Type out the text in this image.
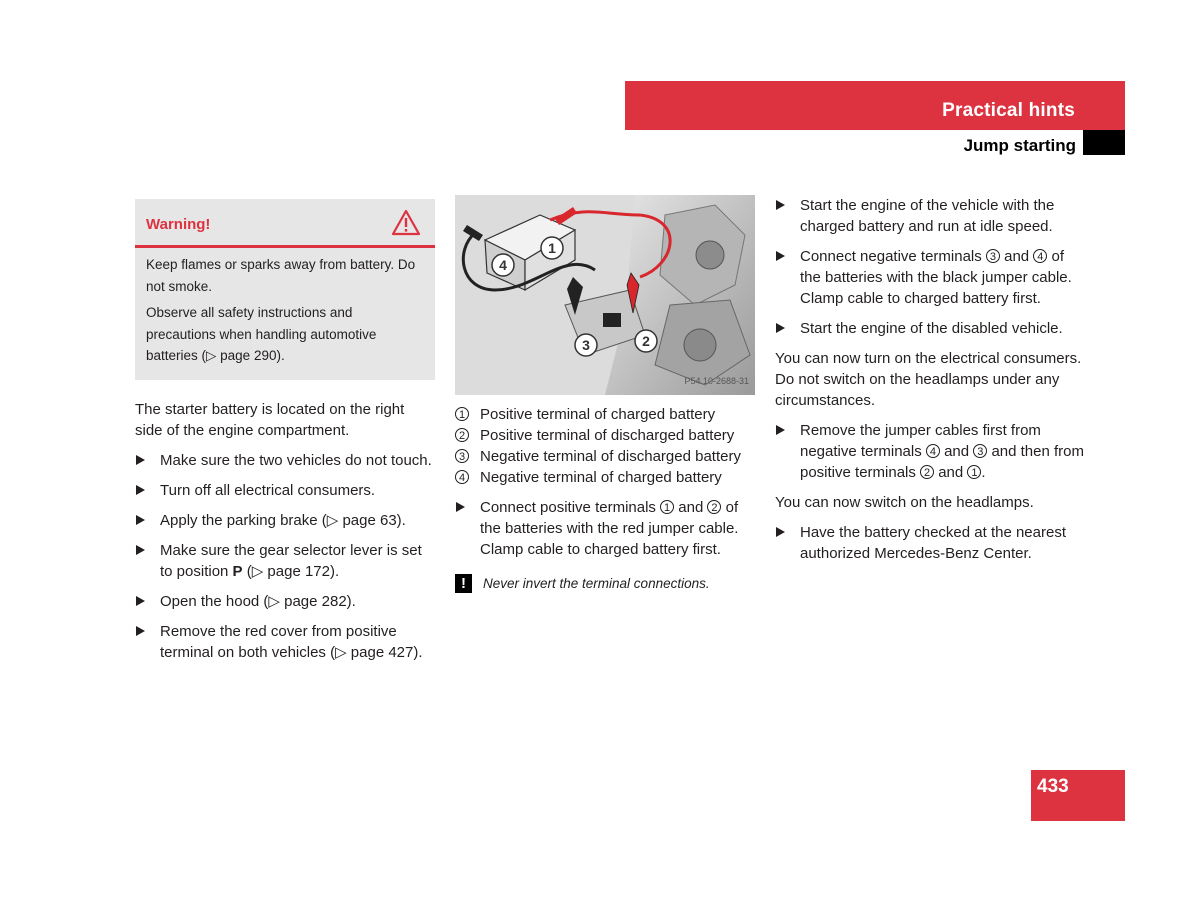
Practical hints
Jump starting
Warning!

Keep flames or sparks away from battery. Do not smoke.

Observe all safety instructions and precautions when handling automotive batteries (▷ page 290).

The starter battery is located on the right side of the engine compartment.

Make sure the two vehicles do not touch.
Turn off all electrical consumers.
Apply the parking brake (▷ page 63).
Make sure the gear selector lever is set to position P (▷ page 172).
Open the hood (▷ page 282).
Remove the red cover from positive terminal on both vehicles (▷ page 427).
1
2
3
4
P54.10-2688-31
1 Positive terminal of charged battery
2 Positive terminal of discharged battery
3 Negative terminal of discharged battery
4 Negative terminal of charged battery
Connect positive terminals 1 and 2 of the batteries with the red jumper cable. Clamp cable to charged battery first.
!	Never invert the terminal connections.
Start the engine of the vehicle with the charged battery and run at idle speed.
Connect negative terminals 3 and 4 of the batteries with the black jumper cable. Clamp cable to charged battery first.
Start the engine of the disabled vehicle.

You can now turn on the electrical consumers. Do not switch on the headlamps under any circumstances.

Remove the jumper cables first from negative terminals 4 and 3 and then from positive terminals 2 and 1 .

You can now switch on the headlamps.

Have the battery checked at the nearest authorized Mercedes-Benz Center.
433
